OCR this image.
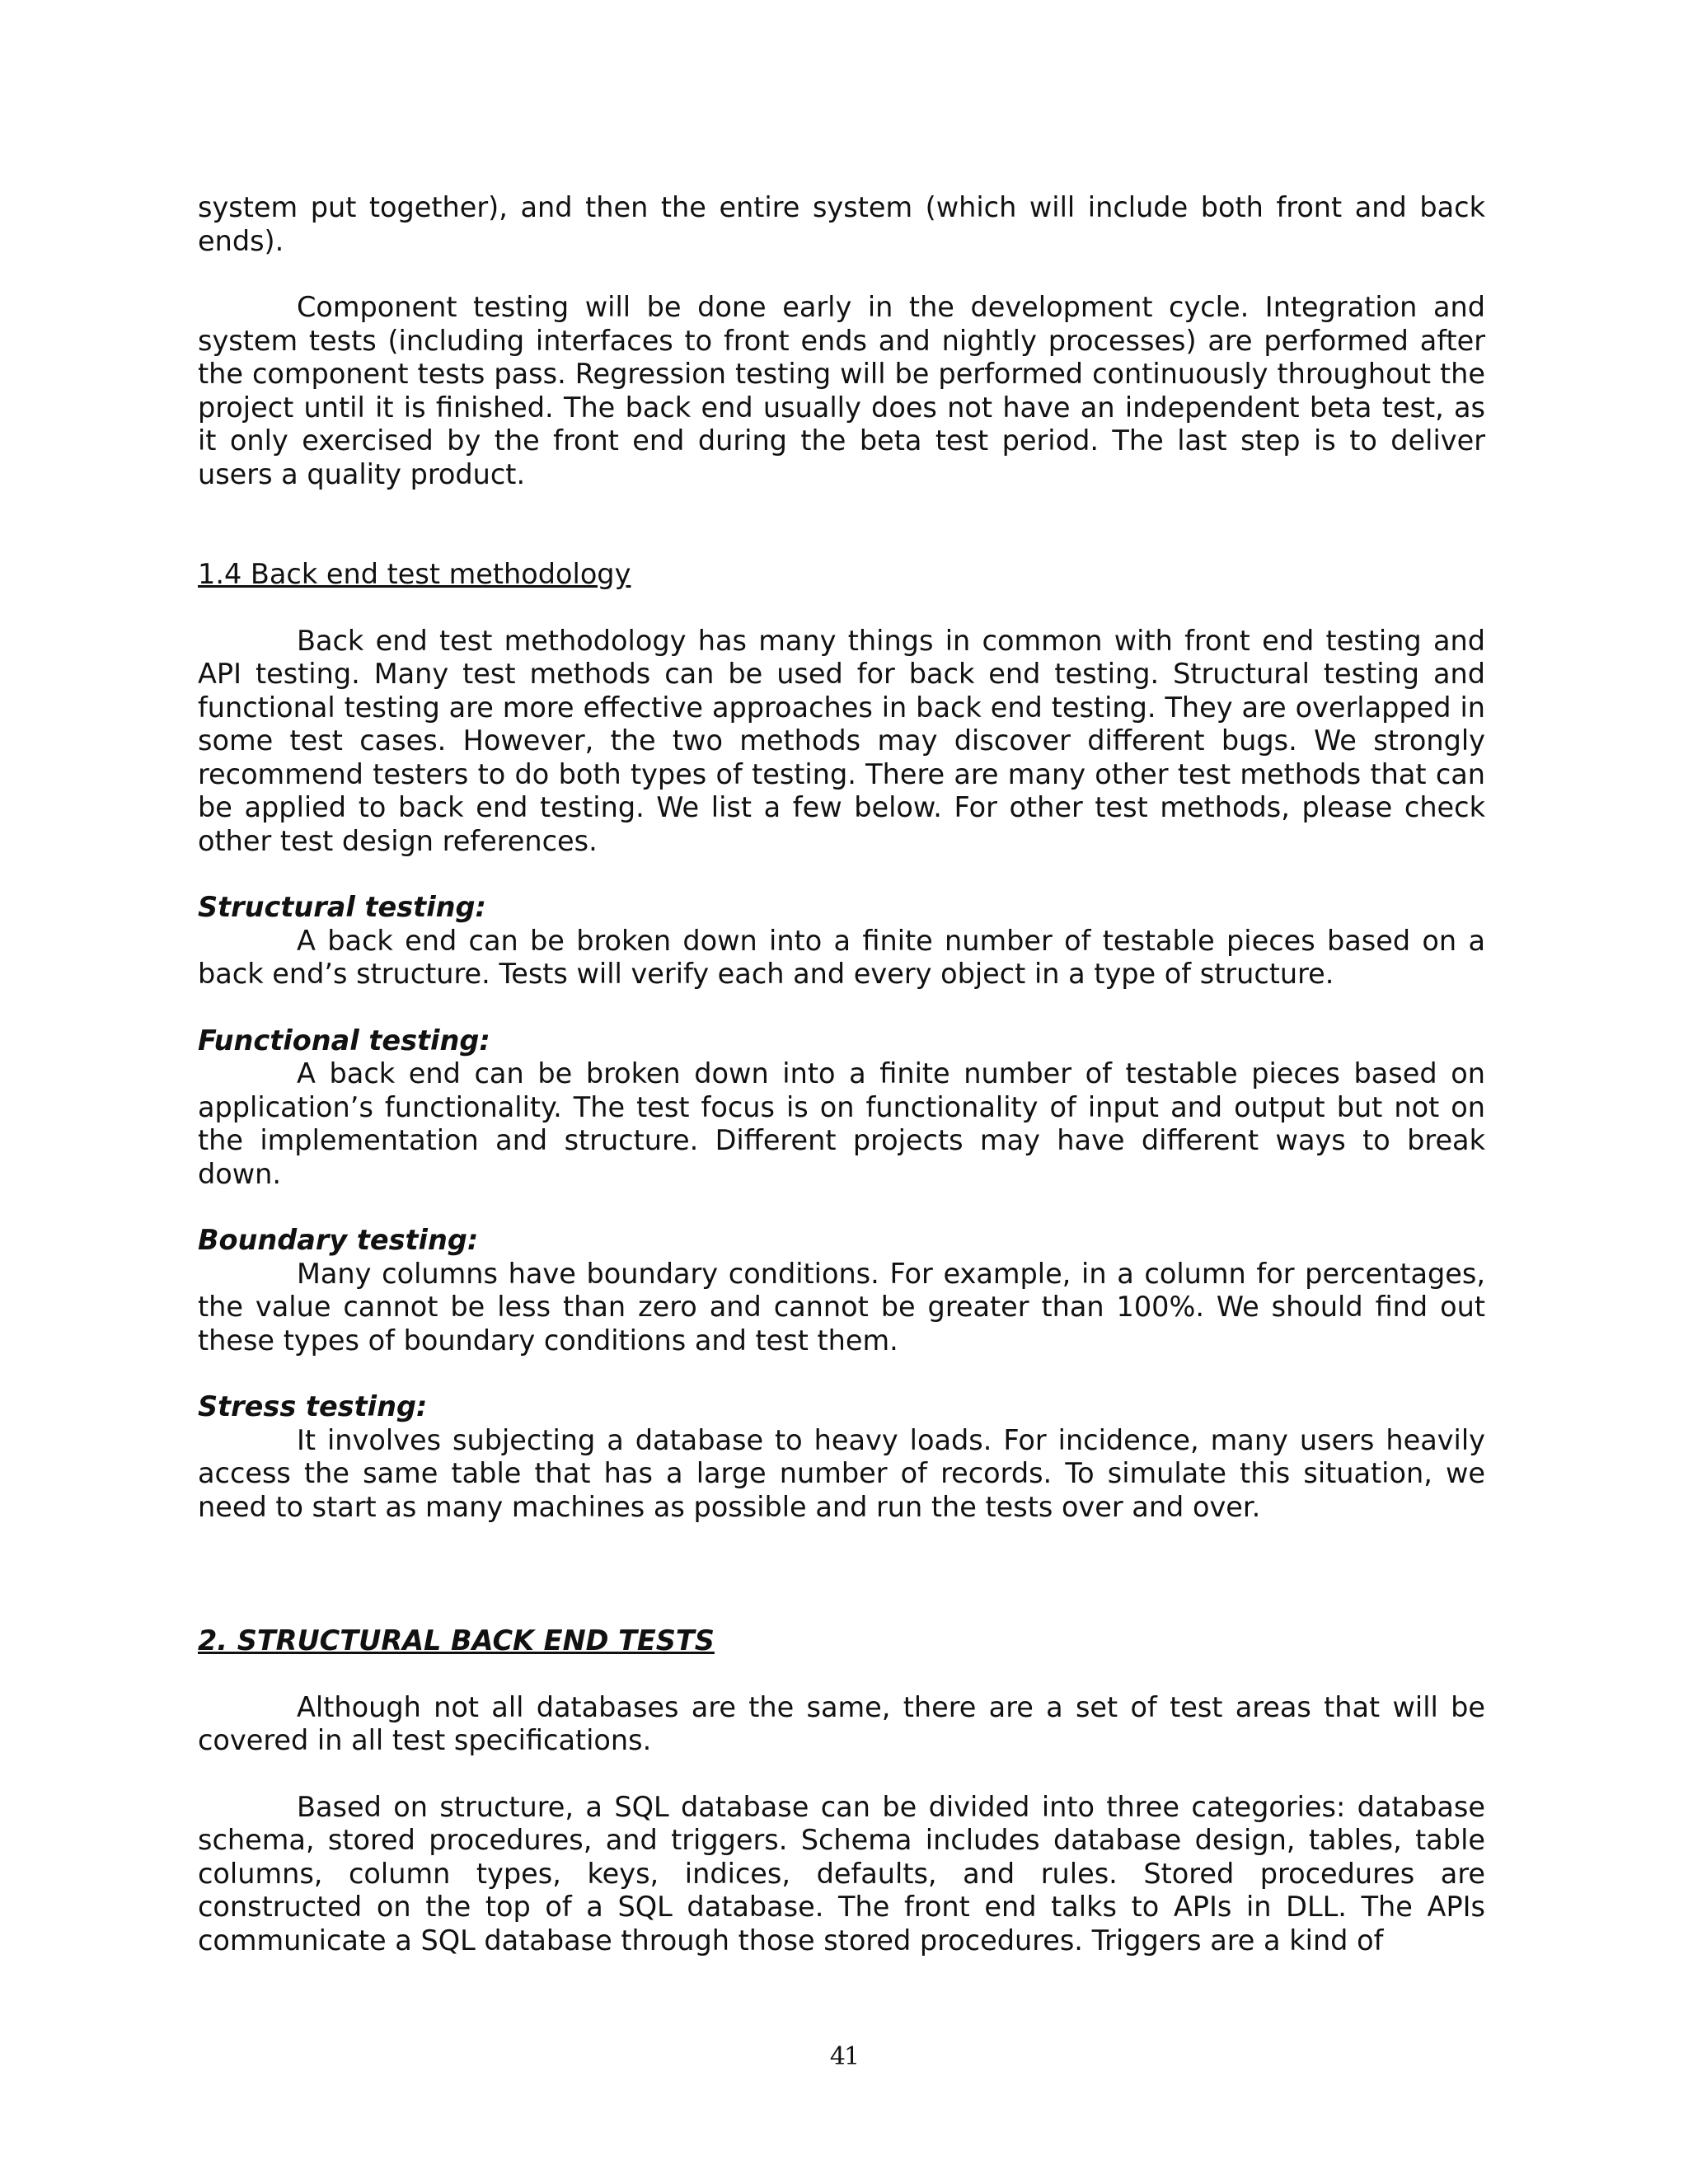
system put together), and then the entire system (which will include both front and back ends).

Component testing will be done early in the development cycle. Integration and system tests (including interfaces to front ends and nightly processes) are performed after the component tests pass. Regression testing will be performed continuously throughout the project until it is finished. The back end usually does not have an independent beta test, as it only exercised by the front end during the beta test period. The last step is to deliver users a quality product.

1.4 Back end test methodology

Back end test methodology has many things in common with front end testing and API testing. Many test methods can be used for back end testing. Structural testing and functional testing are more effective approaches in back end testing. They are overlapped in some test cases. However, the two methods may discover different bugs. We strongly recommend testers to do both types of testing. There are many other test methods that can be applied to back end testing. We list a few below. For other test methods, please check other test design references.

Structural testing:

A back end can be broken down into a finite number of testable pieces based on a back end’s structure. Tests will verify each and every object in a type of structure.

Functional testing:

A back end can be broken down into a finite number of testable pieces based on application’s functionality. The test focus is on functionality of input and output but not on the implementation and structure. Different projects may have different ways to break down.

Boundary testing:

Many columns have boundary conditions. For example, in a column for percentages, the value cannot be less than zero and cannot be greater than 100%. We should find out these types of boundary conditions and test them.

Stress testing:

It involves subjecting a database to heavy loads. For incidence, many users heavily access the same table that has a large number of records. To simulate this situation, we need to start as many machines as possible and run the tests over and over.

2. STRUCTURAL BACK END TESTS

Although not all databases are the same, there are a set of test areas that will be covered in all test specifications.

Based on structure, a SQL database can be divided into three categories: database schema, stored procedures, and triggers. Schema includes database design, tables, table columns, column types, keys, indices, defaults, and rules. Stored procedures are constructed on the top of a SQL database. The front end talks to APIs in DLL. The APIs communicate a SQL database through those stored procedures. Triggers are a kind of

41
